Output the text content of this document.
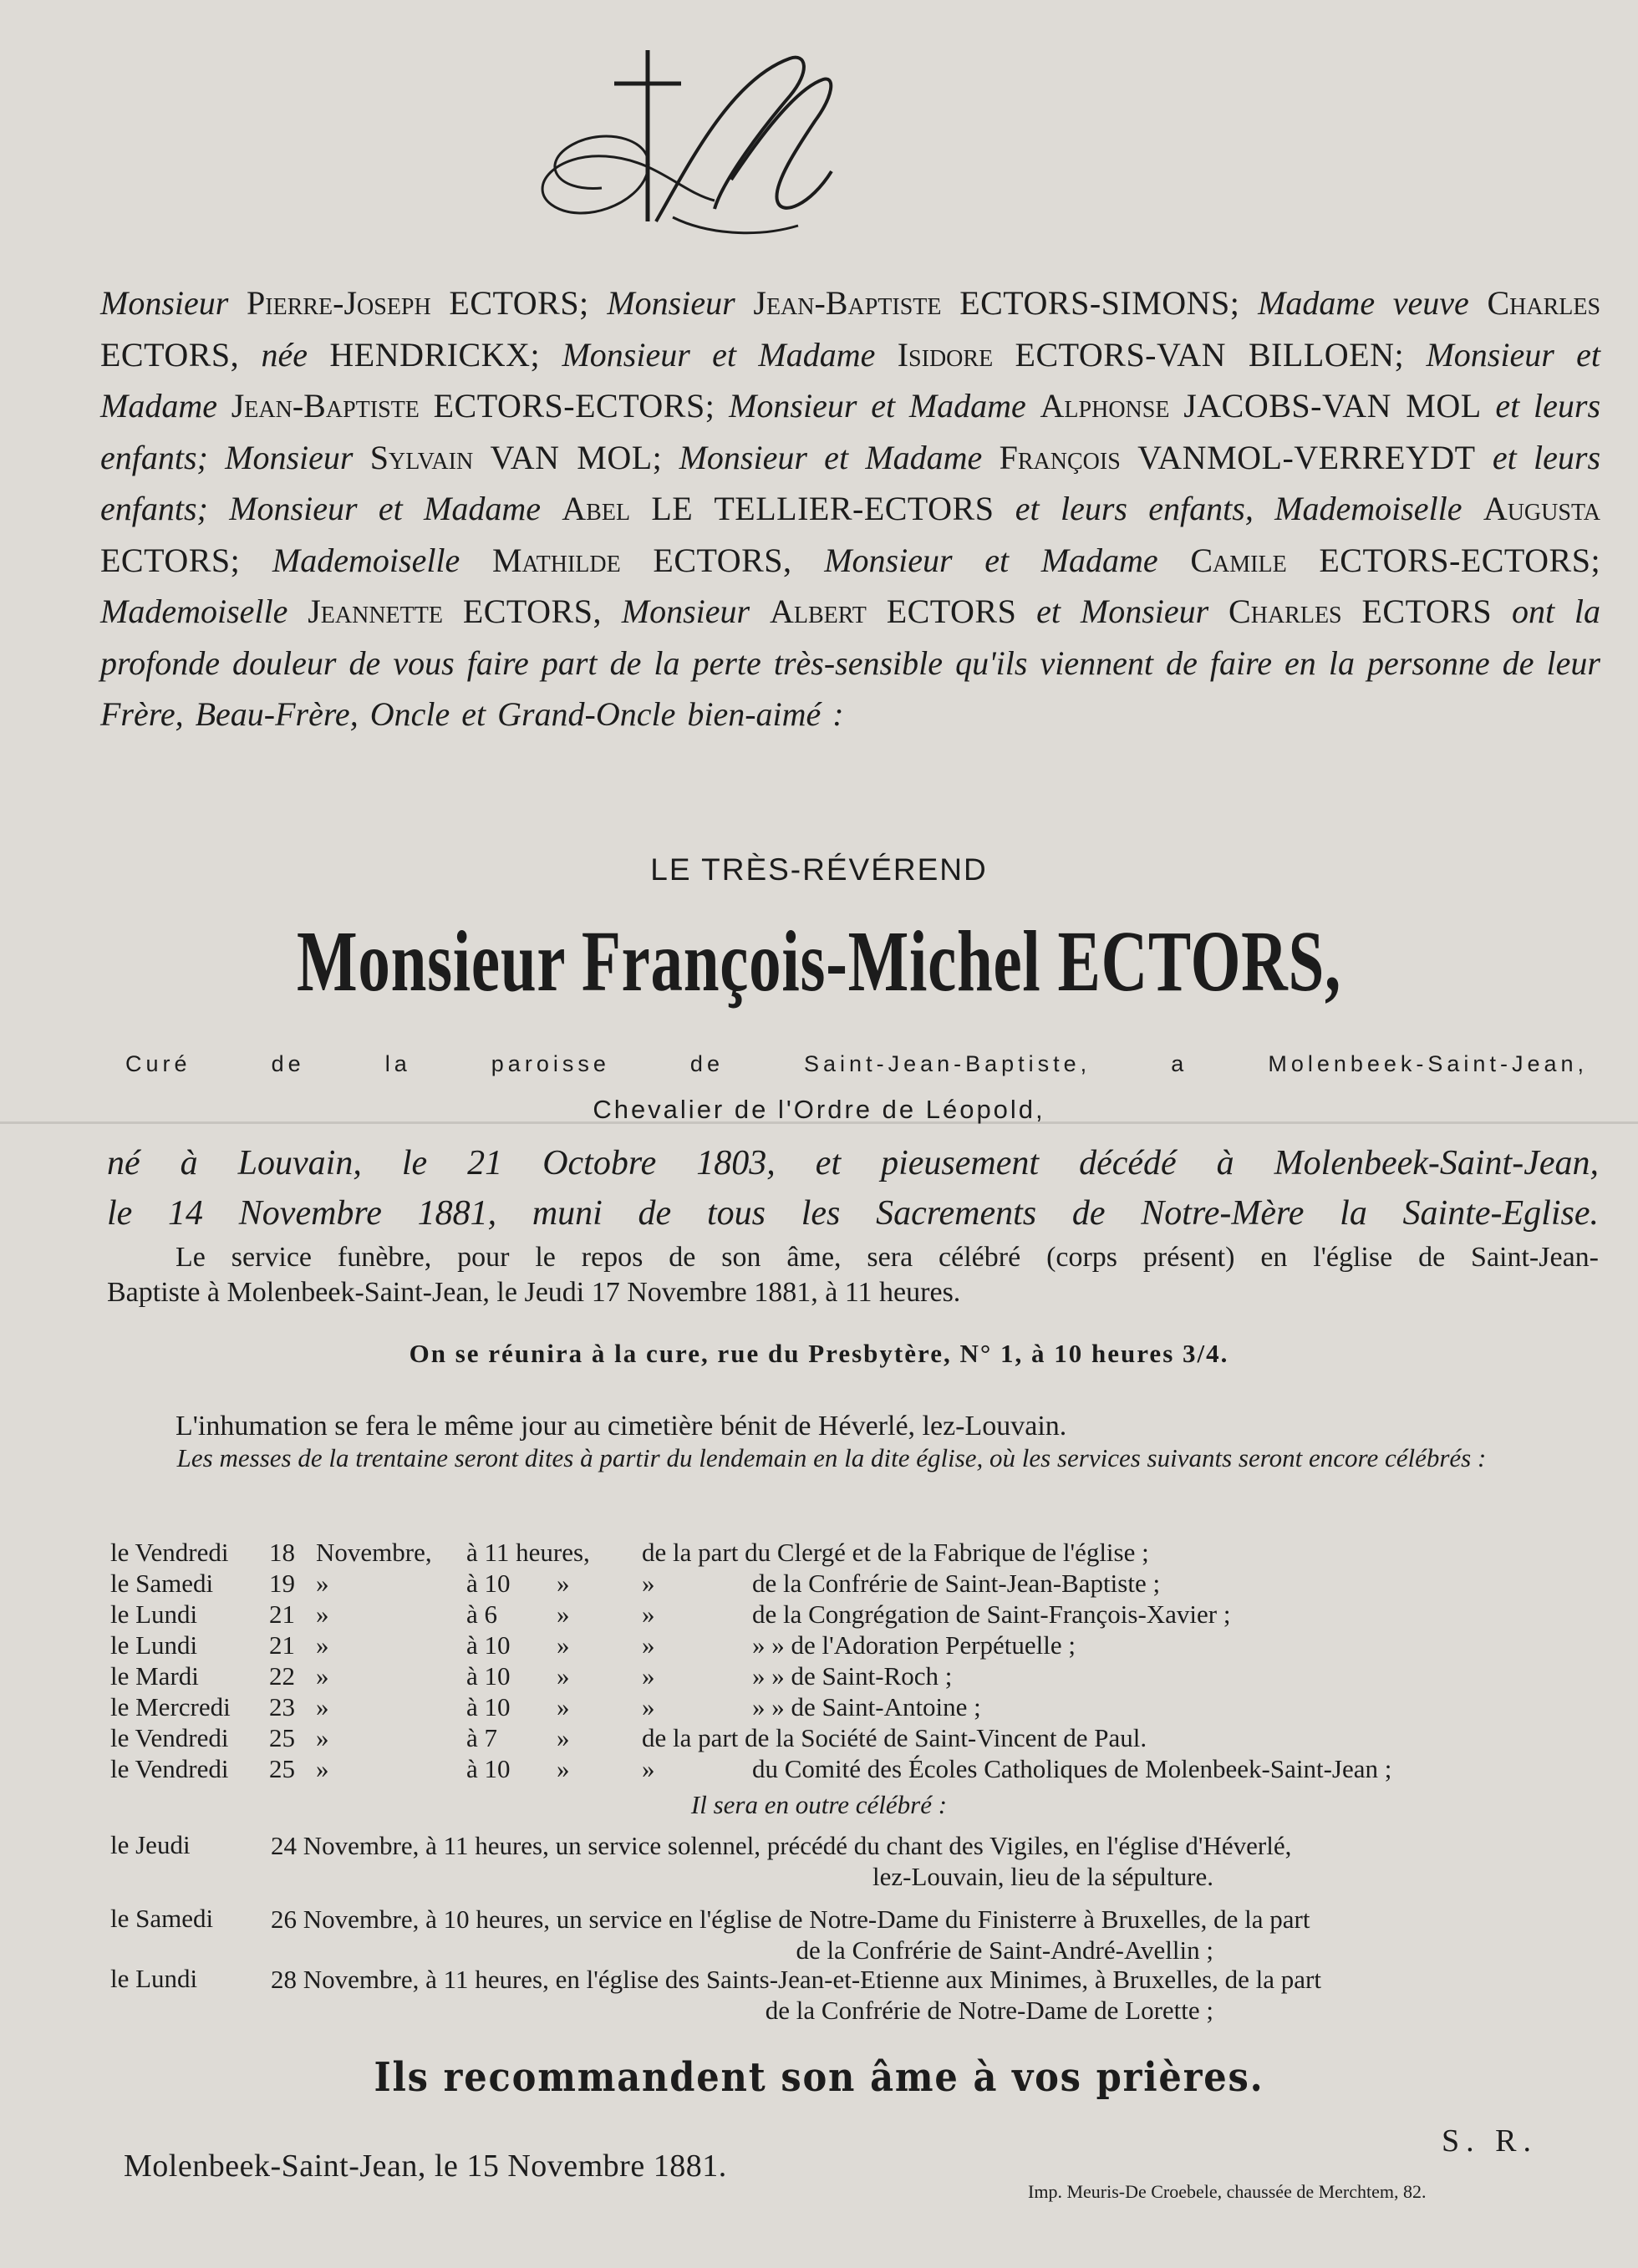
M
Monsieur Pierre-Joseph ECTORS; Monsieur Jean-Baptiste ECTORS-SIMONS; Madame veuve Charles ECTORS, née HENDRICKX; Monsieur et Madame Isidore ECTORS-VAN BILLOEN; Monsieur et Madame Jean-Baptiste ECTORS-ECTORS; Monsieur et Madame Alphonse JACOBS-VAN MOL et leurs enfants; Monsieur Sylvain VAN MOL; Monsieur et Madame François VANMOL-VERREYDT et leurs enfants; Monsieur et Madame Abel LE TELLIER-ECTORS et leurs enfants, Mademoiselle Augusta ECTORS; Mademoiselle Mathilde ECTORS, Monsieur et Madame Camile ECTORS-ECTORS; Mademoiselle Jeannette ECTORS, Monsieur Albert ECTORS et Monsieur Charles ECTORS ont la profonde douleur de vous faire part de la perte très-sensible qu'ils viennent de faire en la personne de leur Frère, Beau-Frère, Oncle et Grand-Oncle bien-aimé :
LE TRÈS-RÉVÉREND
Monsieur François-Michel ECTORS,
Curé de la paroisse de Saint-Jean-Baptiste, a Molenbeek-Saint-Jean,
Chevalier de l'Ordre de Léopold,
né à Louvain, le 21 Octobre 1803, et pieusement décédé à Molenbeek-Saint-Jean,
le 14 Novembre 1881, muni de tous les Sacrements de Notre-Mère la Sainte-Eglise.
Le service funèbre, pour le repos de son âme, sera célébré (corps présent) en l'église de Saint-Jean-
Baptiste à Molenbeek-Saint-Jean, le Jeudi 17 Novembre 1881, à 11 heures.
On se réunira à la cure, rue du Presbytère, N° 1, à 10 heures 3/4.
L'inhumation se fera le même jour au cimetière bénit de Héverlé, lez-Louvain.
Les messes de la trentaine seront dites à partir du lendemain en la dite église, où les services suivants seront encore célébrés :
le Vendredi 18 Novembre, à 11 heures, de la part du Clergé et de la Fabrique de l'église ;
le Samedi 19 »	à 10 »	»	de la Confrérie de Saint-Jean-Baptiste ;
le Lundi	21 »	à 6 »	»	de la Congrégation de Saint-François-Xavier ;
le Lundi	21 »	à 10 »	»	» » de l'Adoration Perpétuelle ;
le Mardi	22 »	à 10 »	»	» » de Saint-Roch ;
le Mercredi 23 »	à 10 »	»	» » de Saint-Antoine ;
le Vendredi 25 »	à 7 »	de la part de la Société de Saint-Vincent de Paul.
le Vendredi 25 »	à 10 »	»	du Comité des Écoles Catholiques de Molenbeek-Saint-Jean ;
Il sera en outre célébré :
le Jeudi	24 Novembre, à 11 heures, un service solennel, précédé du chant des Vigiles, en l'église d'Héverlé,
lez-Louvain, lieu de la sépulture.
le Samedi 26 Novembre, à 10 heures, un service en l'église de Notre-Dame du Finisterre à Bruxelles, de la part
de la Confrérie de Saint-André-Avellin ;
le Lundi	28 Novembre, à 11 heures, en l'église des Saints-Jean-et-Etienne aux Minimes, à Bruxelles, de la part
de la Confrérie de Notre-Dame de Lorette ;
Ils recommandent son âme à vos prières.
Molenbeek-Saint-Jean, le 15 Novembre 1881.
S. R.
Imp. Meuris-De Croebele, chaussée de Merchtem, 82.
